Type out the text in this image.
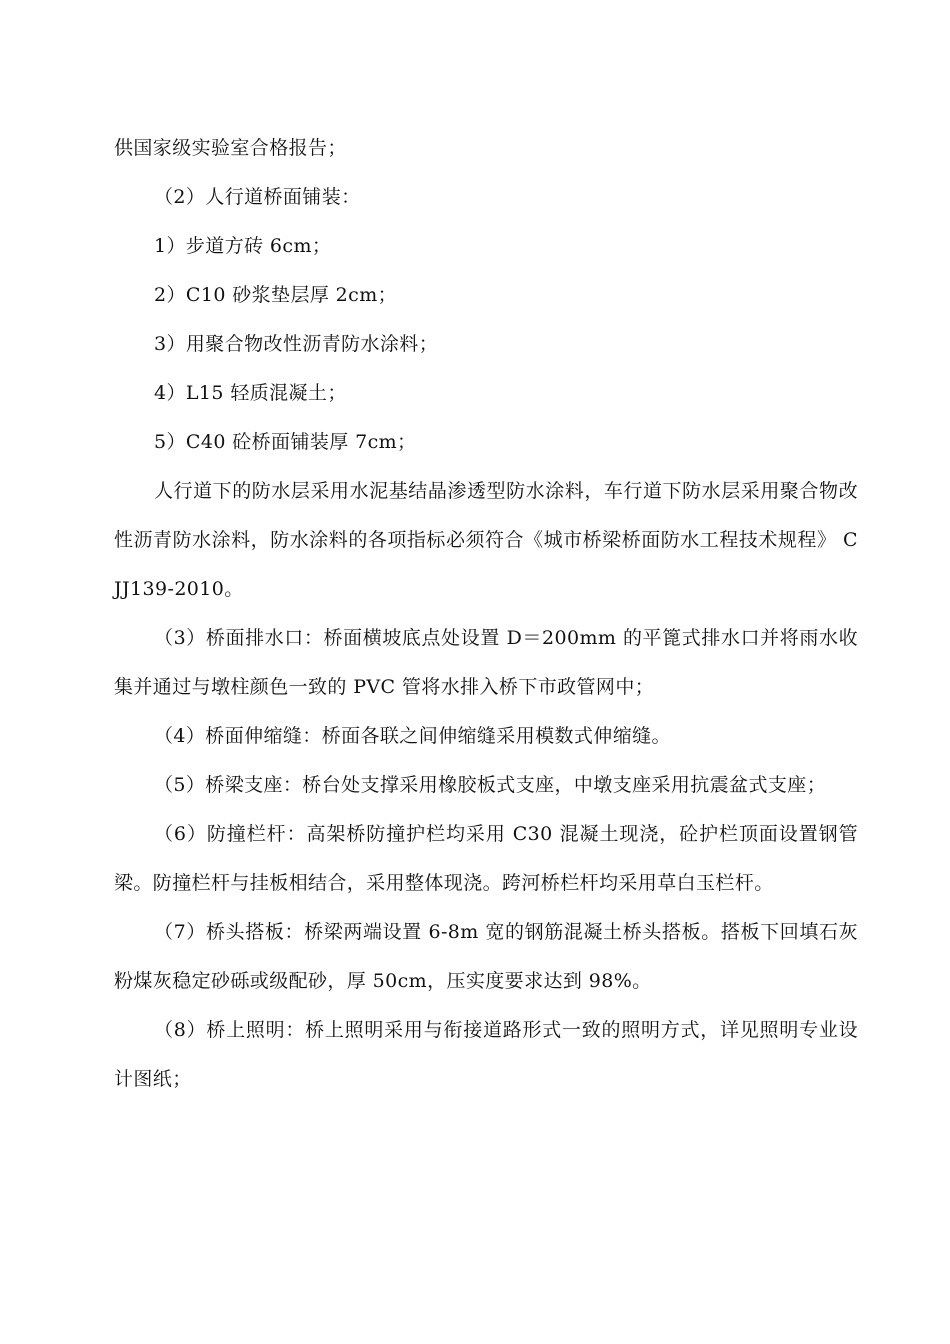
供国家级实验室合格报告；

（2）人行道桥面铺装：

1）步道方砖 6cm；

2）C10 砂浆垫层厚 2cm；

3）用聚合物改性沥青防水涂料；

4）L15 轻质混凝土；

5）C40 砼桥面铺装厚 7cm；

人行道下的防水层采用水泥基结晶渗透型防水涂料，车行道下防水层采用聚合物改性沥青防水涂料，防水涂料的各项指标必须符合《城市桥梁桥面防水工程技术规程》 CJJ139-2010。

（3）桥面排水口：桥面横坡底点处设置 D＝200mm 的平篦式排水口并将雨水收集并通过与墩柱颜色一致的 PVC 管将水排入桥下市政管网中；

（4）桥面伸缩缝：桥面各联之间伸缩缝采用模数式伸缩缝。

（5）桥梁支座：桥台处支撑采用橡胶板式支座，中墩支座采用抗震盆式支座；

（6）防撞栏杆：高架桥防撞护栏均采用 C30 混凝土现浇，砼护栏顶面设置钢管梁。防撞栏杆与挂板相结合，采用整体现浇。跨河桥栏杆均采用草白玉栏杆。

（7）桥头搭板：桥梁两端设置 6-8m 宽的钢筋混凝土桥头搭板。搭板下回填石灰粉煤灰稳定砂砾或级配砂，厚 50cm，压实度要求达到 98%。

（8）桥上照明：桥上照明采用与衔接道路形式一致的照明方式，详见照明专业设计图纸；
